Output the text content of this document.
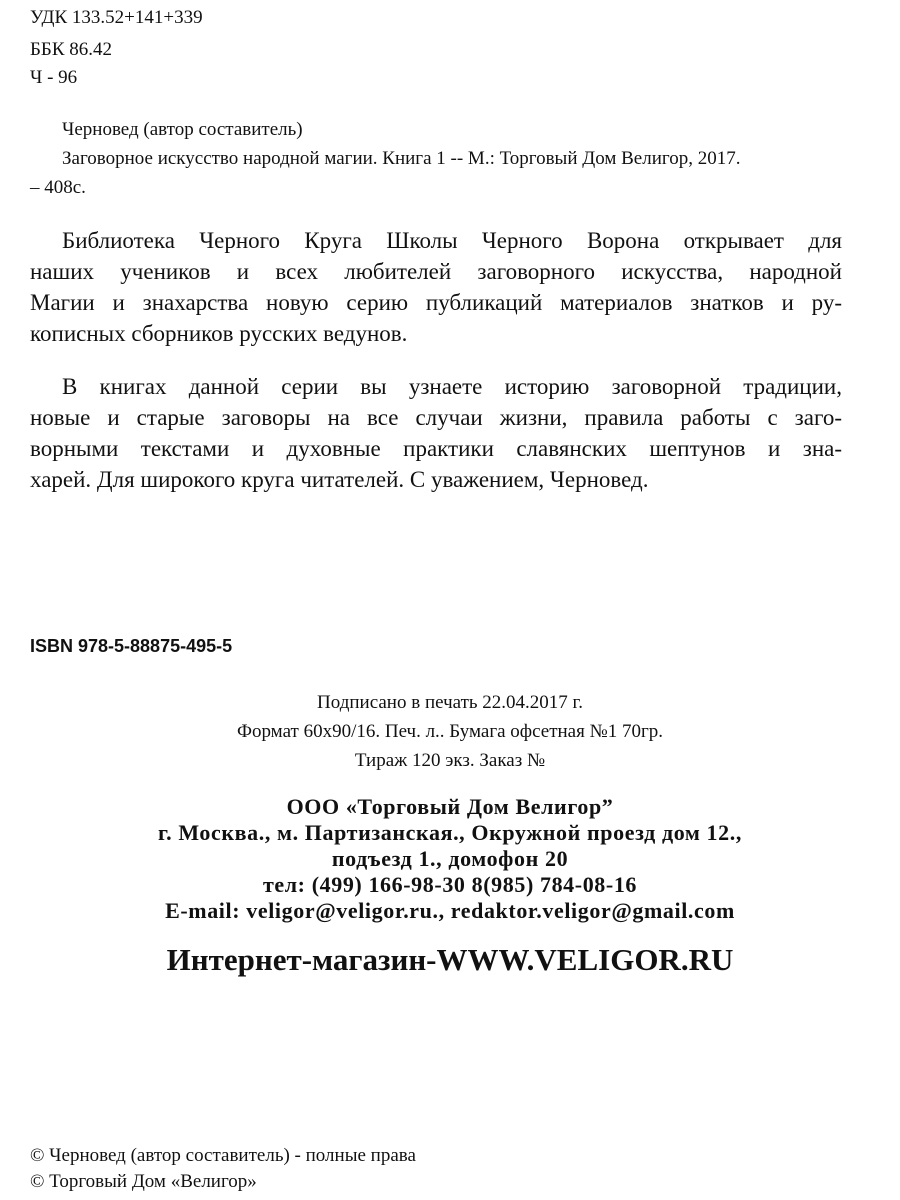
УДК 133.52+141+339
ББК 86.42
Ч - 96
Черновед (автор составитель)
Заговорное искусство народной магии. Книга 1 -- М.: Торговый Дом Велигор, 2017.
– 408с.
Библиотека Черного Круга Школы Черного Ворона открывает для
наших учеников и всех любителей заговорного искусства, народной
Магии и знахарства новую серию публикаций материалов знатков и ру-
кописных сборников русских ведунов.
В книгах данной серии вы узнаете историю заговорной традиции,
новые и старые заговоры на все случаи жизни, правила работы с заго-
ворными текстами и духовные практики славянских шептунов и зна-
харей. Для широкого круга читателей. С уважением, Черновед.
ISBN 978-5-88875-495-5
Подписано в печать 22.04.2017 г.
Формат 60х90/16. Печ. л.. Бумага офсетная №1 70гр.
Тираж 120 экз. Заказ №
ООО «Торговый Дом Велигор”
г. Москва., м. Партизанская., Окружной проезд дом 12.,
подъезд 1., домофон 20
тел: (499) 166-98-30 8(985) 784-08-16
E-mail: veligor@veligor.ru., redaktor.veligor@gmail.com
Интернет-магазин-WWW.VELIGOR.RU
© Черновед (автор составитель) - полные права
© Торговый Дом «Велигор»
